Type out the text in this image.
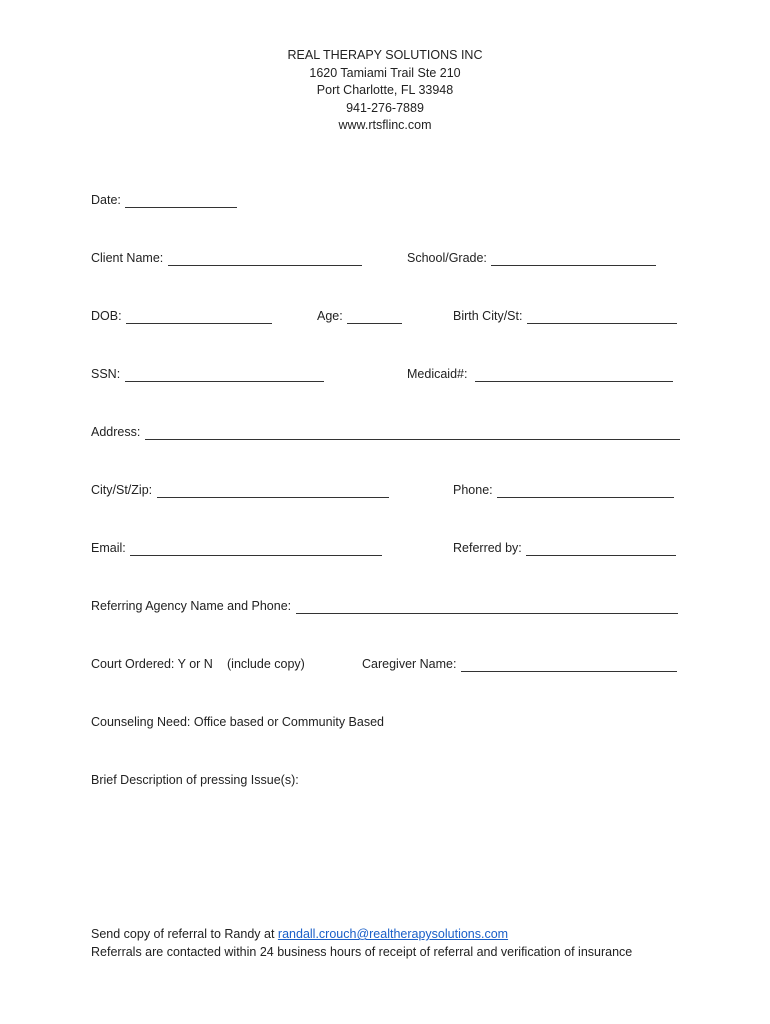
REAL THERAPY SOLUTIONS INC
1620 Tamiami Trail Ste 210
Port Charlotte, FL 33948
941-276-7889
www.rtsflinc.com
Date:
Client Name:	School/Grade:
DOB:	Age:	Birth City/St:
SSN:	Medicaid#:
Address:
City/St/Zip:	Phone:
Email:	Referred by:
Referring Agency Name and Phone:
Court Ordered: Y or N (include copy)	Caregiver Name:
Counseling Need: Office based or Community Based
Brief Description of pressing Issue(s):
Send copy of referral to Randy at randall.crouch@realtherapysolutions.com
Referrals are contacted within 24 business hours of receipt of referral and verification of insurance
